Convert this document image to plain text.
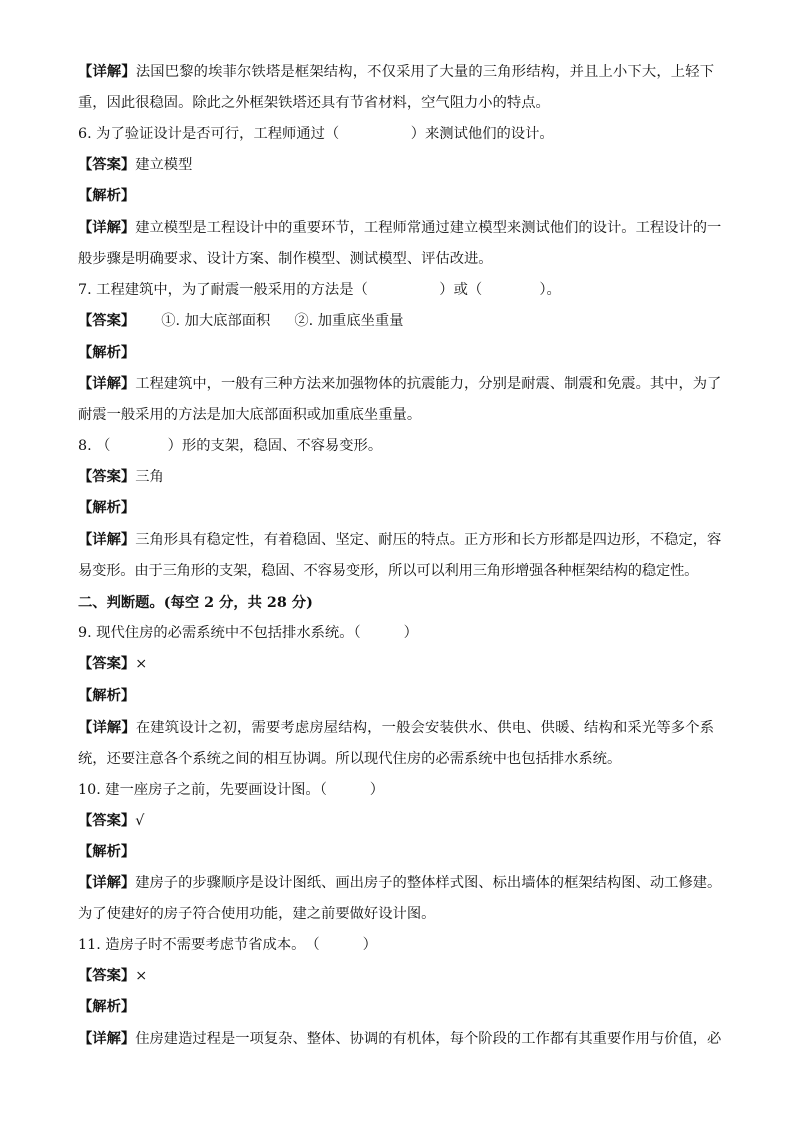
【详解】法国巴黎的埃菲尔铁塔是框架结构，不仅采用了大量的三角形结构，并且上小下大，上轻下
重，因此很稳固。除此之外框架铁塔还具有节省材料，空气阻力小的特点。
6. 为了验证设计是否可行，工程师通过（　　　　　）来测试他们的设计。
【答案】建立模型
【解析】
【详解】建立模型是工程设计中的重要环节，工程师常通过建立模型来测试他们的设计。工程设计的一
般步骤是明确要求、设计方案、制作模型、测试模型、评估改进。
7. 工程建筑中，为了耐震一般采用的方法是（　　　　　）或（　　　　）。
【答案】 ①. 加大底部面积 ②. 加重底坐重量
【解析】
【详解】工程建筑中，一般有三种方法来加强物体的抗震能力，分别是耐震、制震和免震。其中，为了
耐震一般采用的方法是加大底部面积或加重底坐重量。
8. （　　　　）形的支架，稳固、不容易变形。
【答案】三角
【解析】
【详解】三角形具有稳定性，有着稳固、坚定、耐压的特点。正方形和长方形都是四边形，不稳定，容
易变形。由于三角形的支架，稳固、不容易变形，所以可以利用三角形增强各种框架结构的稳定性。
二、判断题。(每空 2 分，共 28 分)
9. 现代住房的必需系统中不包括排水系统。（　　　）
【答案】×
【解析】
【详解】在建筑设计之初，需要考虑房屋结构，一般会安装供水、供电、供暖、结构和采光等多个系
统，还要注意各个系统之间的相互协调。所以现代住房的必需系统中也包括排水系统。
10. 建一座房子之前，先要画设计图。（　　　）
【答案】√
【解析】
【详解】建房子的步骤顺序是设计图纸、画出房子的整体样式图、标出墙体的框架结构图、动工修建。
为了使建好的房子符合使用功能，建之前要做好设计图。
11. 造房子时不需要考虑节省成本。　（　　　）
【答案】×
【解析】
【详解】住房建造过程是一项复杂、整体、协调的有机体，每个阶段的工作都有其重要作用与价值，必
